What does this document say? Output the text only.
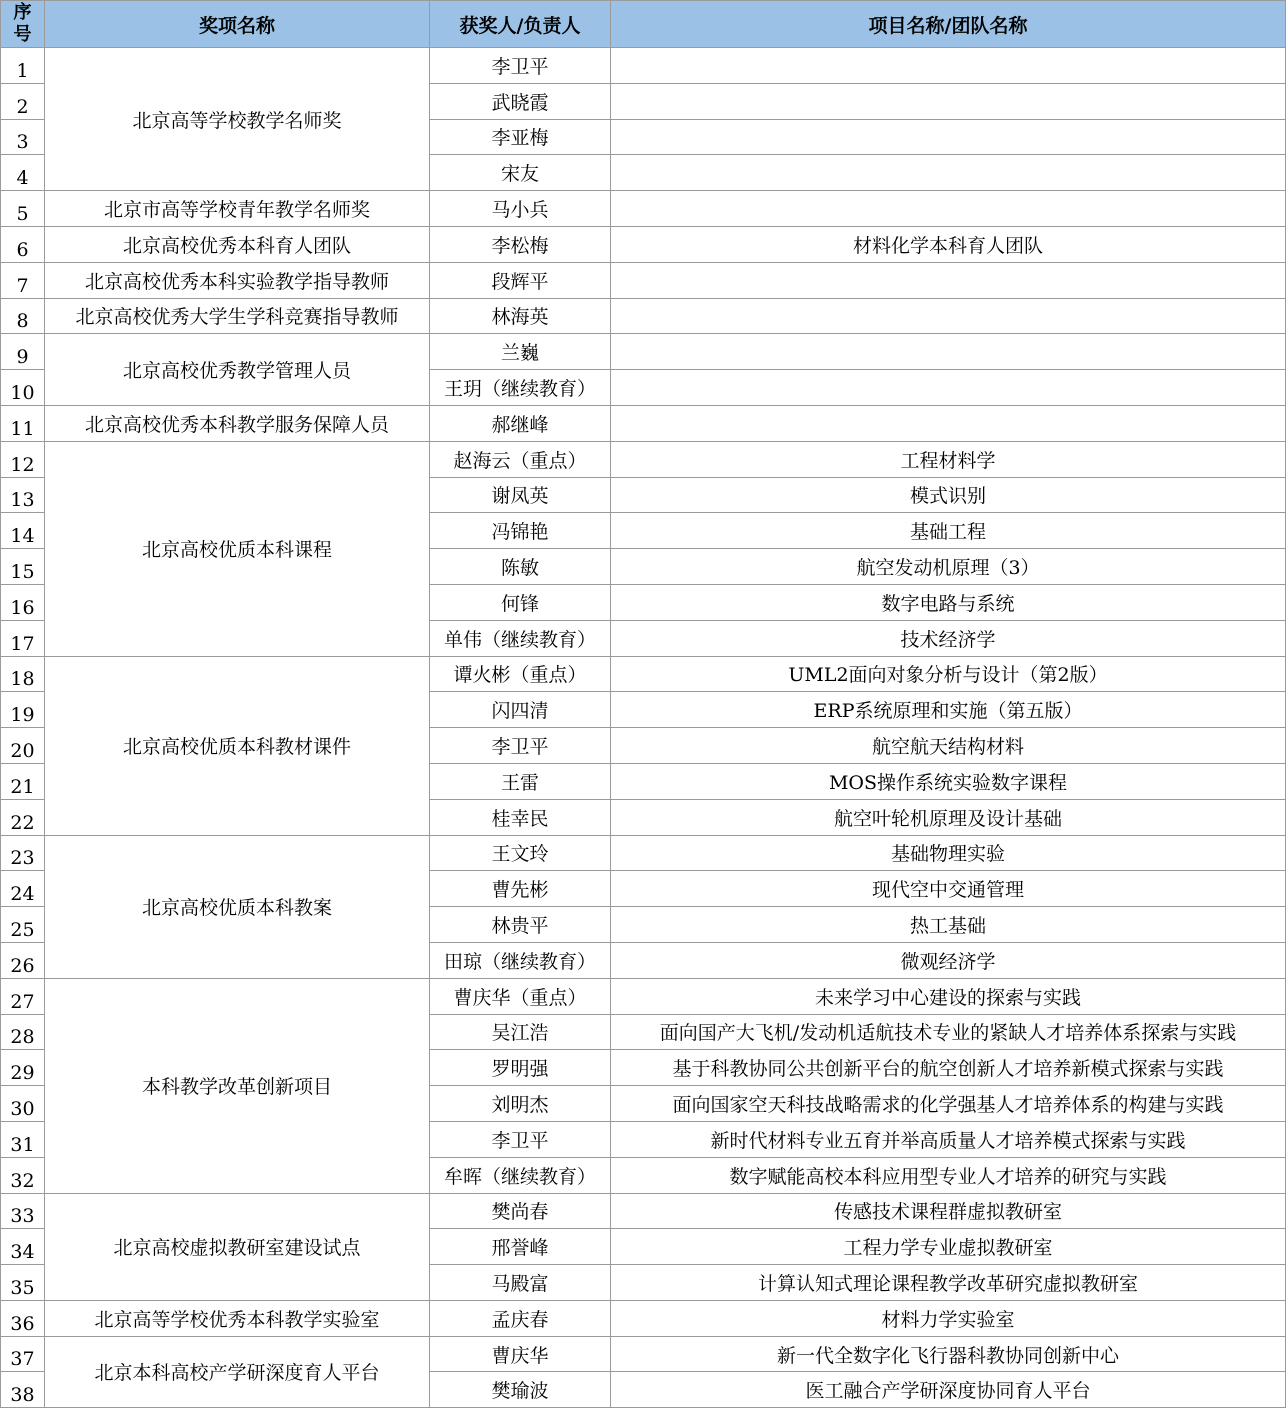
序
号	奖项名称	获奖人/负责人	项目名称/团队名称
1	北京高等学校教学名师奖	李卫平	
2		武晓霞	
3		李亚梅	
4		宋友	
5	北京市高等学校青年教学名师奖	马小兵	
6	北京高校优秀本科育人团队	李松梅	材料化学本科育人团队
7	北京高校优秀本科实验教学指导教师	段辉平	
8	北京高校优秀大学生学科竞赛指导教师	林海英	
9	北京高校优秀教学管理人员	兰巍	
10		王玥（继续教育）	
11	北京高校优秀本科教学服务保障人员	郝继峰	
12	北京高校优质本科课程	赵海云（重点）	工程材料学
13		谢凤英	模式识别
14		冯锦艳	基础工程
15		陈敏	航空发动机原理（3）
16		何锋	数字电路与系统
17		单伟（继续教育）	技术经济学
18	北京高校优质本科教材课件	谭火彬（重点）	UML2面向对象分析与设计（第2版）
19		闪四清	ERP系统原理和实施（第五版）
20		李卫平	航空航天结构材料
21		王雷	MOS操作系统实验数字课程
22		桂幸民	航空叶轮机原理及设计基础
23	北京高校优质本科教案	王文玲	基础物理实验
24		曹先彬	现代空中交通管理
25		林贵平	热工基础
26		田琼（继续教育）	微观经济学
27	本科教学改革创新项目	曹庆华（重点）	未来学习中心建设的探索与实践
28		吴江浩	面向国产大飞机/发动机适航技术专业的紧缺人才培养体系探索与实践
29		罗明强	基于科教协同公共创新平台的航空创新人才培养新模式探索与实践
30		刘明杰	面向国家空天科技战略需求的化学强基人才培养体系的构建与实践
31		李卫平	新时代材料专业五育并举高质量人才培养模式探索与实践
32		牟晖（继续教育）	数字赋能高校本科应用型专业人才培养的研究与实践
33	北京高校虚拟教研室建设试点	樊尚春	传感技术课程群虚拟教研室
34		邢誉峰	工程力学专业虚拟教研室
35		马殿富	计算认知式理论课程教学改革研究虚拟教研室
36	北京高等学校优秀本科教学实验室	孟庆春	材料力学实验室
37	北京本科高校产学研深度育人平台	曹庆华	新一代全数字化飞行器科教协同创新中心
38		樊瑜波	医工融合产学研深度协同育人平台
